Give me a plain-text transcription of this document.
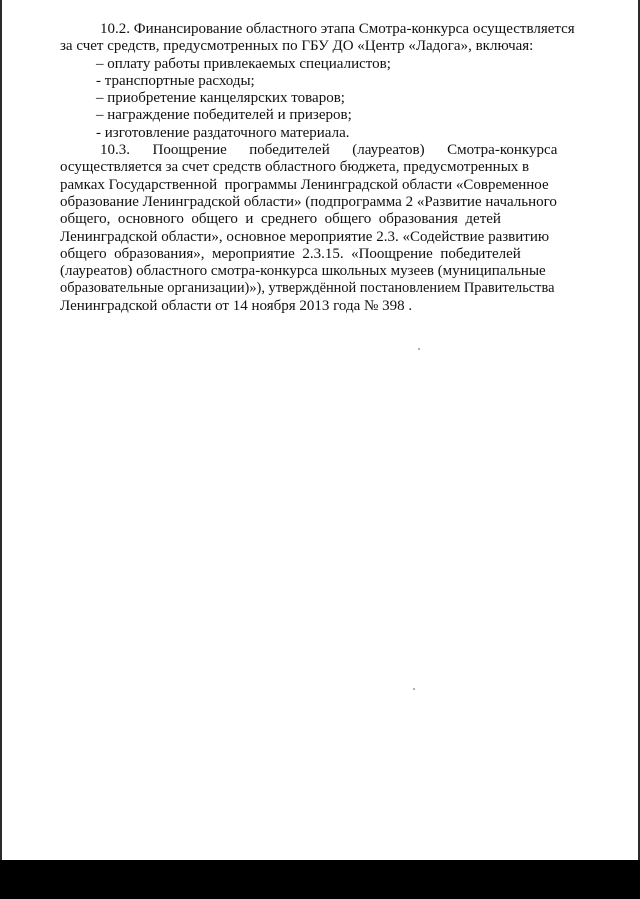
10.2. Финансирование областного этапа Смотра-конкурса осуществляется

за счет средств, предусмотренных по ГБУ ДО «Центр «Ладога», включая:

– оплату работы привлекаемых специалистов;

- транспортные расходы;

– приобретение канцелярских товаров;

– награждение победителей и призеров;

- изготовление раздаточного материала.

10.3.      Поощрение      победителей      (лауреатов)      Смотра-конкурса

осуществляется за счет средств областного бюджета, предусмотренных в

рамках Государственной  программы Ленинградской области «Современное

образование Ленинградской области» (подпрограмма 2 «Развитие начального

общего,  основного  общего  и  среднего  общего  образования  детей

Ленинградской области», основное мероприятие 2.3. «Содействие развитию

общего  образования»,  мероприятие  2.3.15.  «Поощрение  победителей

(лауреатов) областного смотра-конкурса школьных музеев (муниципальные

образовательные организации)»), утверждённой постановлением Правительства

Ленинградской области от 14 ноября 2013 года № 398 .
